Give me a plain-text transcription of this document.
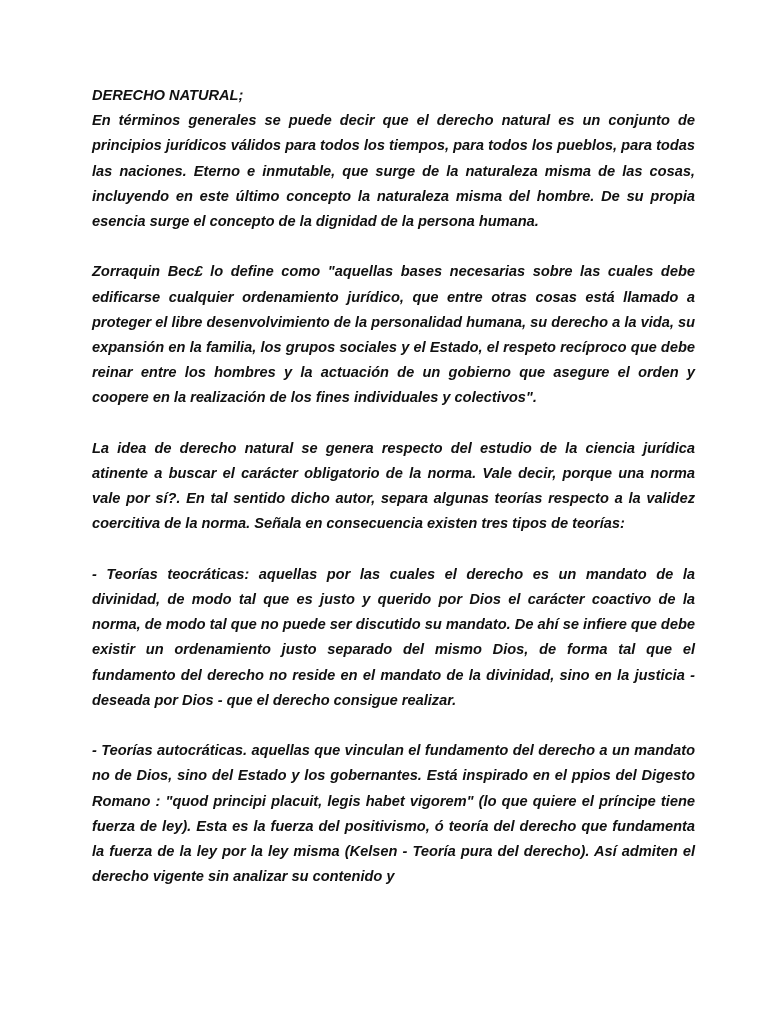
DERECHO NATURAL;

En términos generales se puede decir que el derecho natural es un conjunto de principios jurídicos válidos para todos los tiempos, para todos los pueblos, para todas las naciones. Eterno e inmutable, que surge de la naturaleza misma de las cosas, incluyendo en este último concepto la naturaleza misma del hombre. De su propia esencia surge el concepto de la dignidad de la persona humana.

Zorraquin Bec£ lo define como "aquellas bases necesarias sobre las cuales debe edificarse cualquier ordenamiento jurídico, que entre otras cosas está llamado a proteger el libre desenvolvimiento de la personalidad humana, su derecho a la vida, su expansión en la familia, los grupos sociales y el Estado, el respeto recíproco que debe reinar entre los hombres y la actuación de un gobierno que asegure el orden y coopere en la realización de los fines individuales y colectivos".

La idea de derecho natural se genera respecto del estudio de la ciencia jurídica atinente a buscar el carácter obligatorio de la norma. Vale decir, porque una norma vale por sí?. En tal sentido dicho autor, separa algunas teorías respecto a la validez coercitiva de la norma. Señala en consecuencia existen tres tipos de teorías:

- Teorías teocráticas: aquellas por las cuales el derecho es un mandato de la divinidad, de modo tal que es justo y querido por Dios el carácter coactivo de la norma, de modo tal que no puede ser discutido su mandato. De ahí se infiere que debe existir un ordenamiento justo separado del mismo Dios, de forma tal que el fundamento del derecho no reside en el mandato de la divinidad, sino en la justicia - deseada por Dios - que el derecho consigue realizar.

- Teorías autocráticas. aquellas que vinculan el fundamento del derecho a un mandato no de Dios, sino del Estado y los gobernantes. Está inspirado en el ppios del Digesto Romano : "quod principi placuit, legis habet vigorem" (lo que quiere el príncipe tiene fuerza de ley). Esta es la fuerza del positivismo, ó teoría del derecho que fundamenta la fuerza de la ley por la ley misma (Kelsen - Teoría pura del derecho). Así admiten el derecho vigente sin analizar su contenido y
